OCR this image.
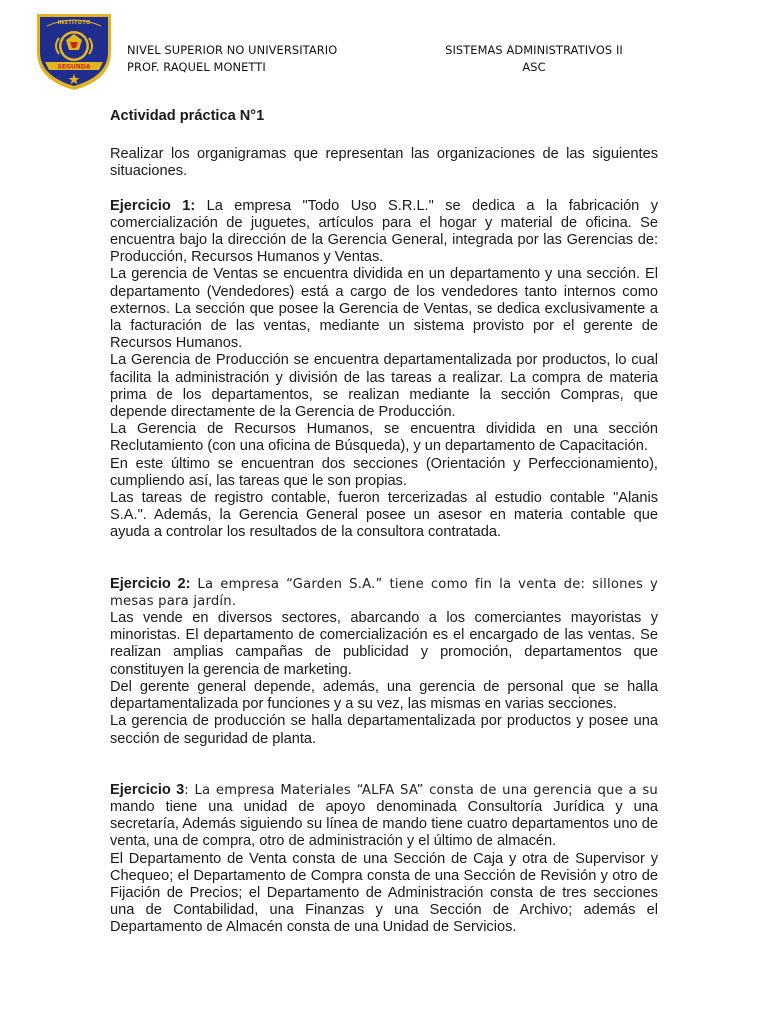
INSTITUTO
SEGUNDA
NIVEL SUPERIOR NO UNIVERSITARIO
PROF. RAQUEL MONETTI
SISTEMAS ADMINISTRATIVOS II
ASC

Actividad práctica N°1

Realizar los organigramas que representan las organizaciones de las siguientes situaciones.

Ejercicio 1: La empresa "Todo Uso S.R.L." se dedica a la fabricación y comercialización de juguetes, artículos para el hogar y material de oficina. Se encuentra bajo la dirección de la Gerencia General, integrada por las Gerencias de: Producción, Recursos Humanos y Ventas.

La gerencia de Ventas se encuentra dividida en un departamento y una sección. El departamento (Vendedores) está a cargo de los vendedores tanto internos como externos. La sección que posee la Gerencia de Ventas, se dedica exclusivamente a la facturación de las ventas, mediante un sistema provisto por el gerente de Recursos Humanos.

La Gerencia de Producción se encuentra departamentalizada por productos, lo cual facilita la administración y división de las tareas a realizar. La compra de materia prima de los departamentos, se realizan mediante la sección Compras, que depende directamente de la Gerencia de Producción.

La Gerencia de Recursos Humanos, se encuentra dividida en una sección Reclutamiento (con una oficina de Búsqueda), y un departamento de Capacitación.

En este último se encuentran dos secciones (Orientación y Perfeccionamiento), cumpliendo así, las tareas que le son propias.

Las tareas de registro contable, fueron tercerizadas al estudio contable "Alanis S.A.". Además, la Gerencia General posee un asesor en materia contable que ayuda a controlar los resultados de la consultora contratada.

Ejercicio 2: La empresa “Garden S.A.” tiene como fin la venta de: sillones y mesas para jardín.

Las vende en diversos sectores, abarcando a los comerciantes mayoristas y minoristas. El departamento de comercialización es el encargado de las ventas. Se realizan amplias campañas de publicidad y promoción, departamentos que constituyen la gerencia de marketing.

Del gerente general depende, además, una gerencia de personal que se halla departamentalizada por funciones y a su vez, las mismas en varias secciones.

La gerencia de producción se halla departamentalizada por productos y posee una sección de seguridad de planta.

Ejercicio 3: La empresa Materiales “ALFA SA” consta de una gerencia que a su mando tiene una unidad de apoyo denominada Consultoría Jurídica y una secretaría, Además siguiendo su línea de mando tiene cuatro departamentos uno de venta, una de compra, otro de administración y el último de almacén.

El Departamento de Venta consta de una Sección de Caja y otra de Supervisor y Chequeo; el Departamento de Compra consta de una Sección de Revisión y otro de Fijación de Precios; el Departamento de Administración consta de tres secciones una de Contabilidad, una Finanzas y una Sección de Archivo; además el Departamento de Almacén consta de una Unidad de Servicios.
